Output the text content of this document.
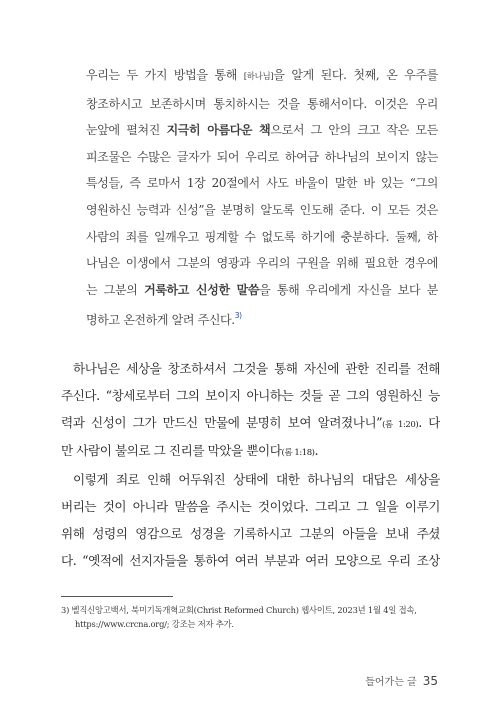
우리는 두 가지 방법을 통해 [하나님]을 알게 된다. 첫째, 온 우주를
창조하시고 보존하시며 통치하시는 것을 통해서이다. 이것은 우리
눈앞에 펼쳐진 지극히 아름다운 책으로서 그 안의 크고 작은 모든
피조물은 수많은 글자가 되어 우리로 하여금 하나님의 보이지 않는
특성들, 즉 로마서 1장 20절에서 사도 바울이 말한 바 있는 “그의
영원하신 능력과 신성”을 분명히 알도록 인도해 준다. 이 모든 것은
사람의 죄를 일깨우고 핑계할 수 없도록 하기에 충분하다. 둘째, 하
나님은 이생에서 그분의 영광과 우리의 구원을 위해 필요한 경우에
는 그분의 거룩하고 신성한 말씀을 통해 우리에게 자신을 보다 분
명하고 온전하게 알려 주신다.$^{3)}$
하나님은 세상을 창조하셔서 그것을 통해 자신에 관한 진리를 전해
주신다. “창세로부터 그의 보이지 아니하는 것들 곧 그의 영원하신 능
력과 신성이 그가 만드신 만물에 분명히 보여 알려졌나니”(롬 1:20). 다
만 사람이 불의로 그 진리를 막았을 뿐이다(롬 1:18).
이렇게 죄로 인해 어두워진 상태에 대한 하나님의 대답은 세상을
버리는 것이 아니라 말씀을 주시는 것이었다. 그리고 그 일을 이루기
위해 성령의 영감으로 성경을 기록하시고 그분의 아들을 보내 주셨
다. “옛적에 선지자들을 통하여 여러 부분과 여러 모양으로 우리 조상
3) 벨직신앙고백서, 북미기독개혁교회(Christ Reformed Church) 웹사이트, 2023년 1월 4일 접속,
https://www.crcna.org/; 강조는 저자 추가.
들어가는 글 35
